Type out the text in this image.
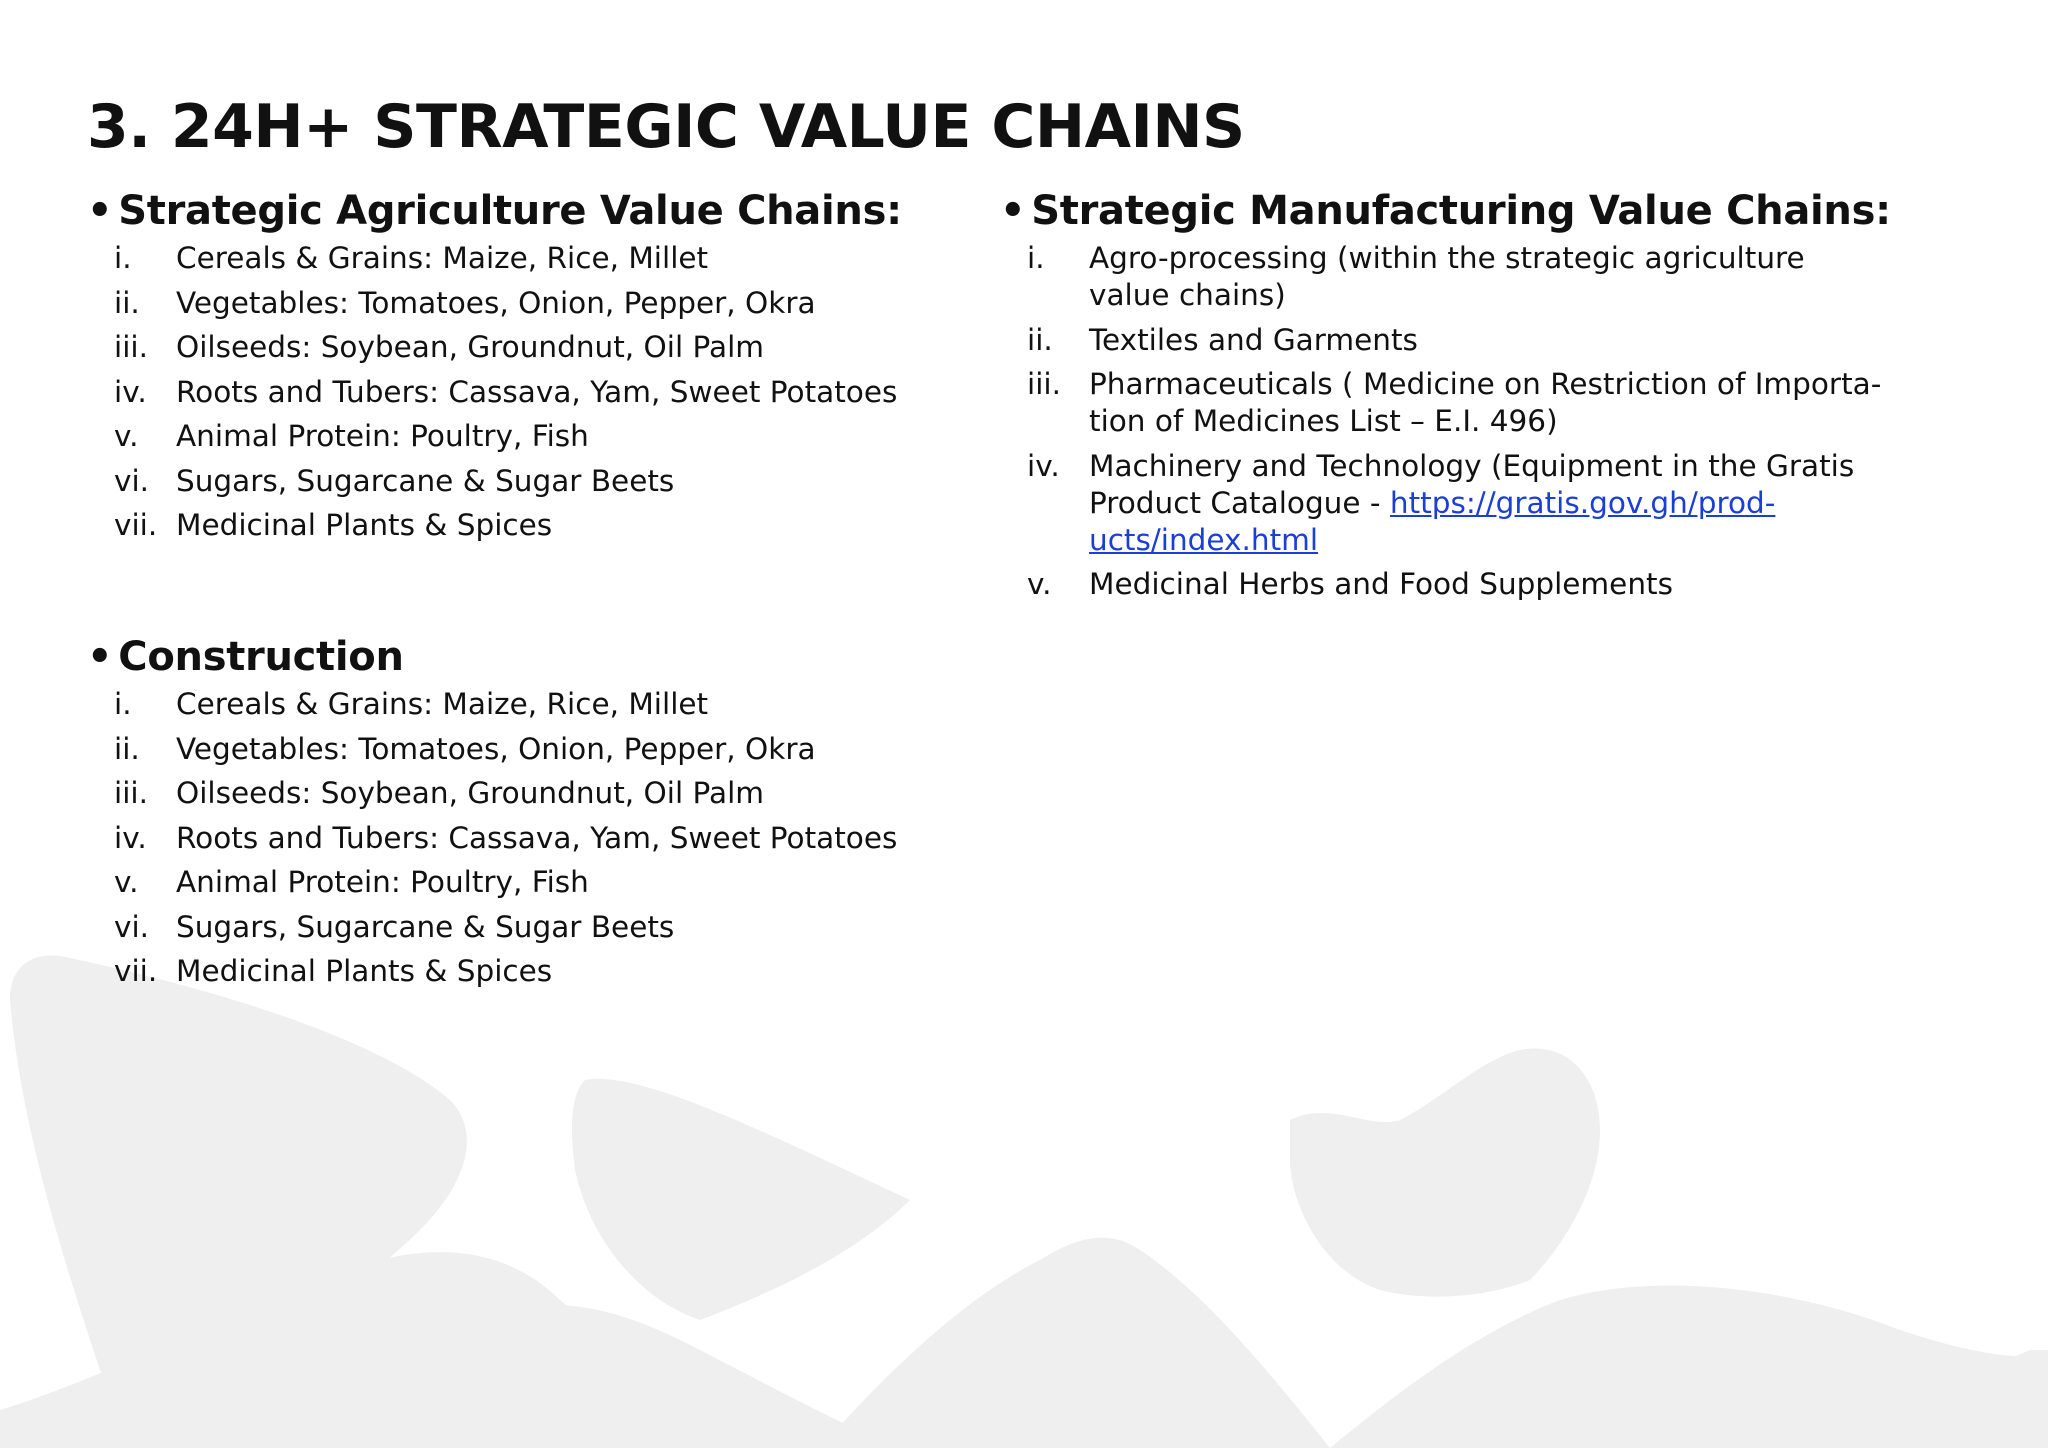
3. 24H+ STRATEGIC VALUE CHAINS
• Strategic Agriculture Value Chains:
i.	Cereals & Grains: Maize, Rice, Millet
ii.	Vegetables: Tomatoes, Onion, Pepper, Okra
iii. Oilseeds: Soybean, Groundnut, Oil Palm
iv. Roots and Tubers: Cassava, Yam, Sweet Potatoes
v.	Animal Protein: Poultry, Fish
vi. Sugars, Sugarcane & Sugar Beets
vii. Medicinal Plants & Spices
• Strategic Manufacturing Value Chains:
i.	Agro-processing (within the strategic agriculture value chains)
ii.	Textiles and Garments
iii. Pharmaceuticals ( Medicine on Restriction of Importa-tion of Medicines List – E.I. 496)
iv. Machinery and Technology (Equipment in the Gratis Product Catalogue - https://gratis.gov.gh/prod-ucts/index.html
v.	Medicinal Herbs and Food Supplements
• Construction
i.	Cereals & Grains: Maize, Rice, Millet
ii.	Vegetables: Tomatoes, Onion, Pepper, Okra
iii. Oilseeds: Soybean, Groundnut, Oil Palm
iv. Roots and Tubers: Cassava, Yam, Sweet Potatoes
v.	Animal Protein: Poultry, Fish
vi. Sugars, Sugarcane & Sugar Beets
vii. Medicinal Plants & Spices
